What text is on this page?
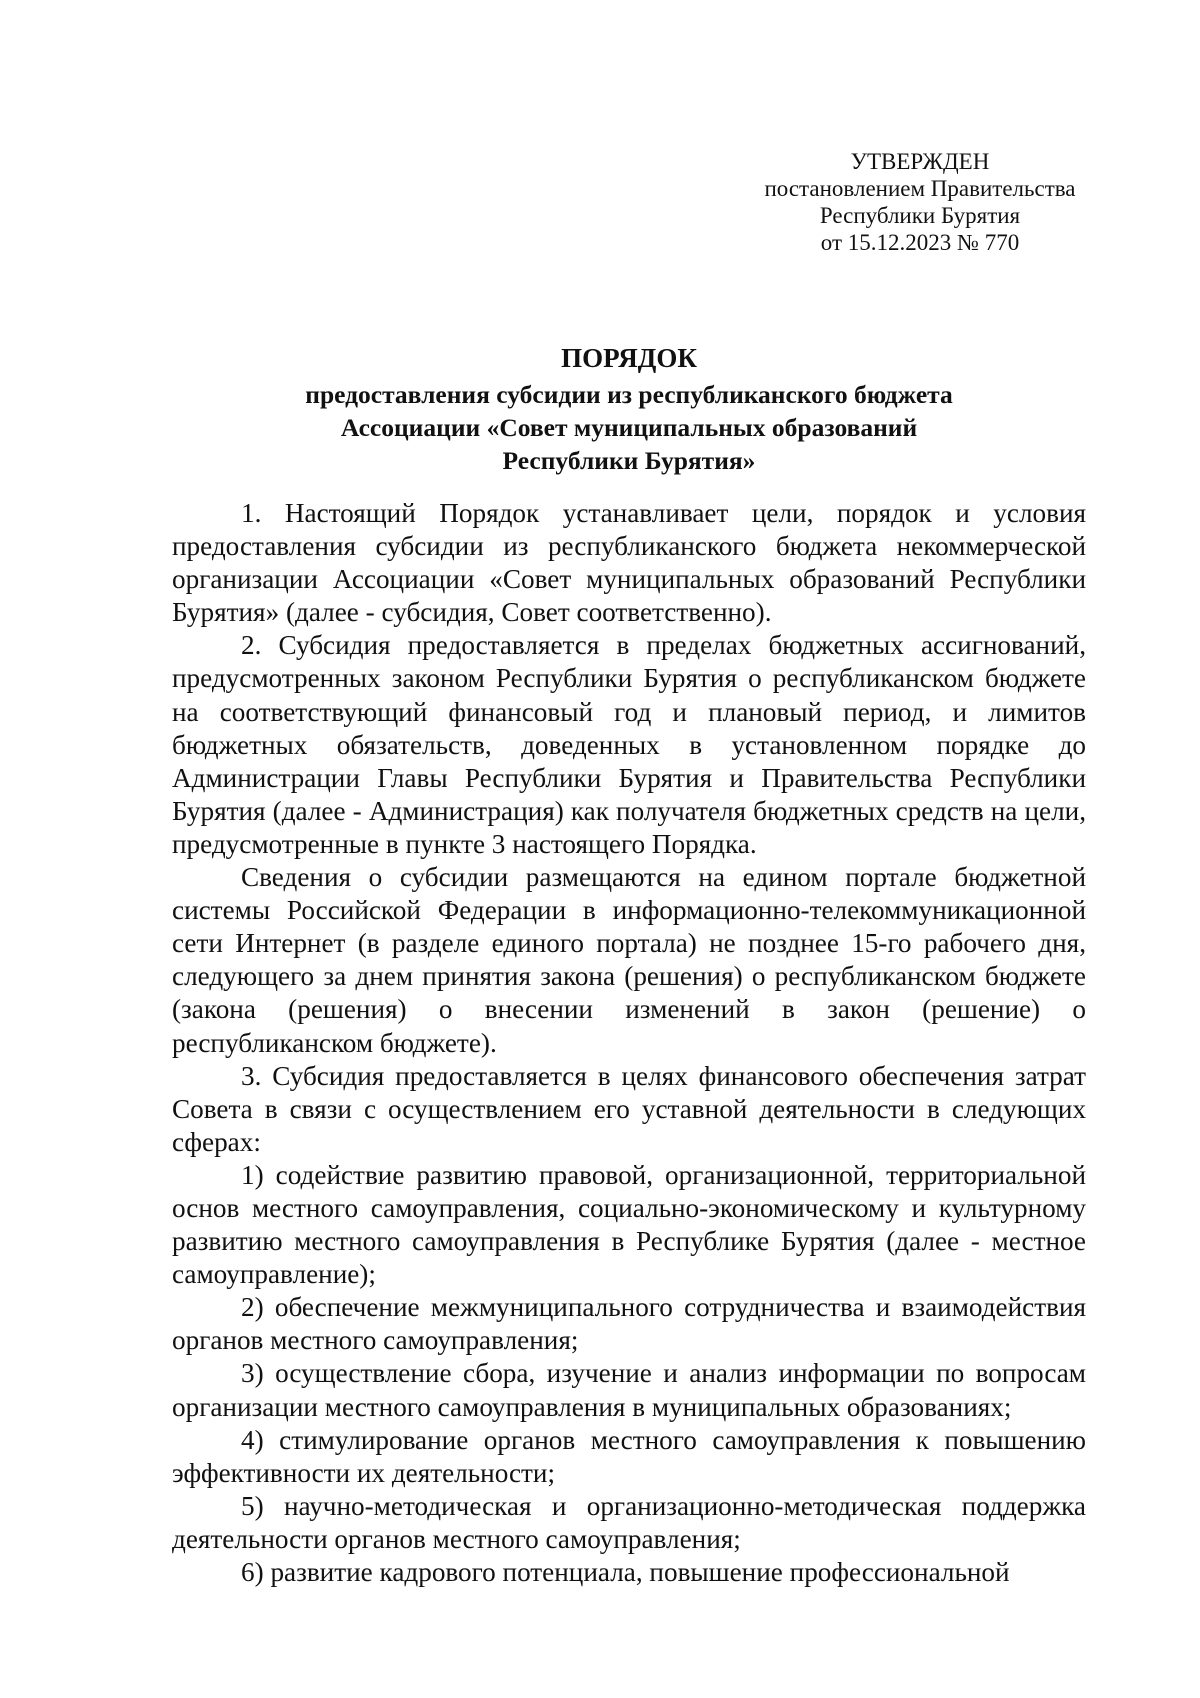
УТВЕРЖДЕН
постановлением Правительства
Республики Бурятия
от 15.12.2023 № 770
ПОРЯДОК
предоставления субсидии из республиканского бюджета
Ассоциации «Совет муниципальных образований
Республики Бурятия»

1. Настоящий Порядок устанавливает цели, порядок и условия предоставления субсидии из республиканского бюджета некоммерческой организации Ассоциации «Совет муниципальных образований Республики Бурятия» (далее - субсидия, Совет соответственно).

2. Субсидия предоставляется в пределах бюджетных ассигнований, предусмотренных законом Республики Бурятия о республиканском бюджете на соответствующий финансовый год и плановый период, и лимитов бюджетных обязательств, доведенных в установленном порядке до Администрации Главы Республики Бурятия и Правительства Республики Бурятия (далее - Администрация) как получателя бюджетных средств на цели, предусмотренные в пункте 3 настоящего Порядка.

Сведения о субсидии размещаются на едином портале бюджетной системы Российской Федерации в информационно-телекоммуникационной сети Интернет (в разделе единого портала) не позднее 15-го рабочего дня, следующего за днем принятия закона (решения) о республиканском бюджете (закона (решения) о внесении изменений в закон (решение) о республиканском бюджете).

3. Субсидия предоставляется в целях финансового обеспечения затрат Совета в связи с осуществлением его уставной деятельности в следующих сферах:

1) содействие развитию правовой, организационной, территориальной основ местного самоуправления, социально-экономическому и культурному развитию местного самоуправления в Республике Бурятия (далее - местное самоуправление);

2) обеспечение межмуниципального сотрудничества и взаимодействия органов местного самоуправления;

3) осуществление сбора, изучение и анализ информации по вопросам организации местного самоуправления в муниципальных образованиях;

4) стимулирование органов местного самоуправления к повышению эффективности их деятельности;

5) научно-методическая и организационно-методическая поддержка деятельности органов местного самоуправления;

6) развитие кадрового потенциала, повышение профессиональной
